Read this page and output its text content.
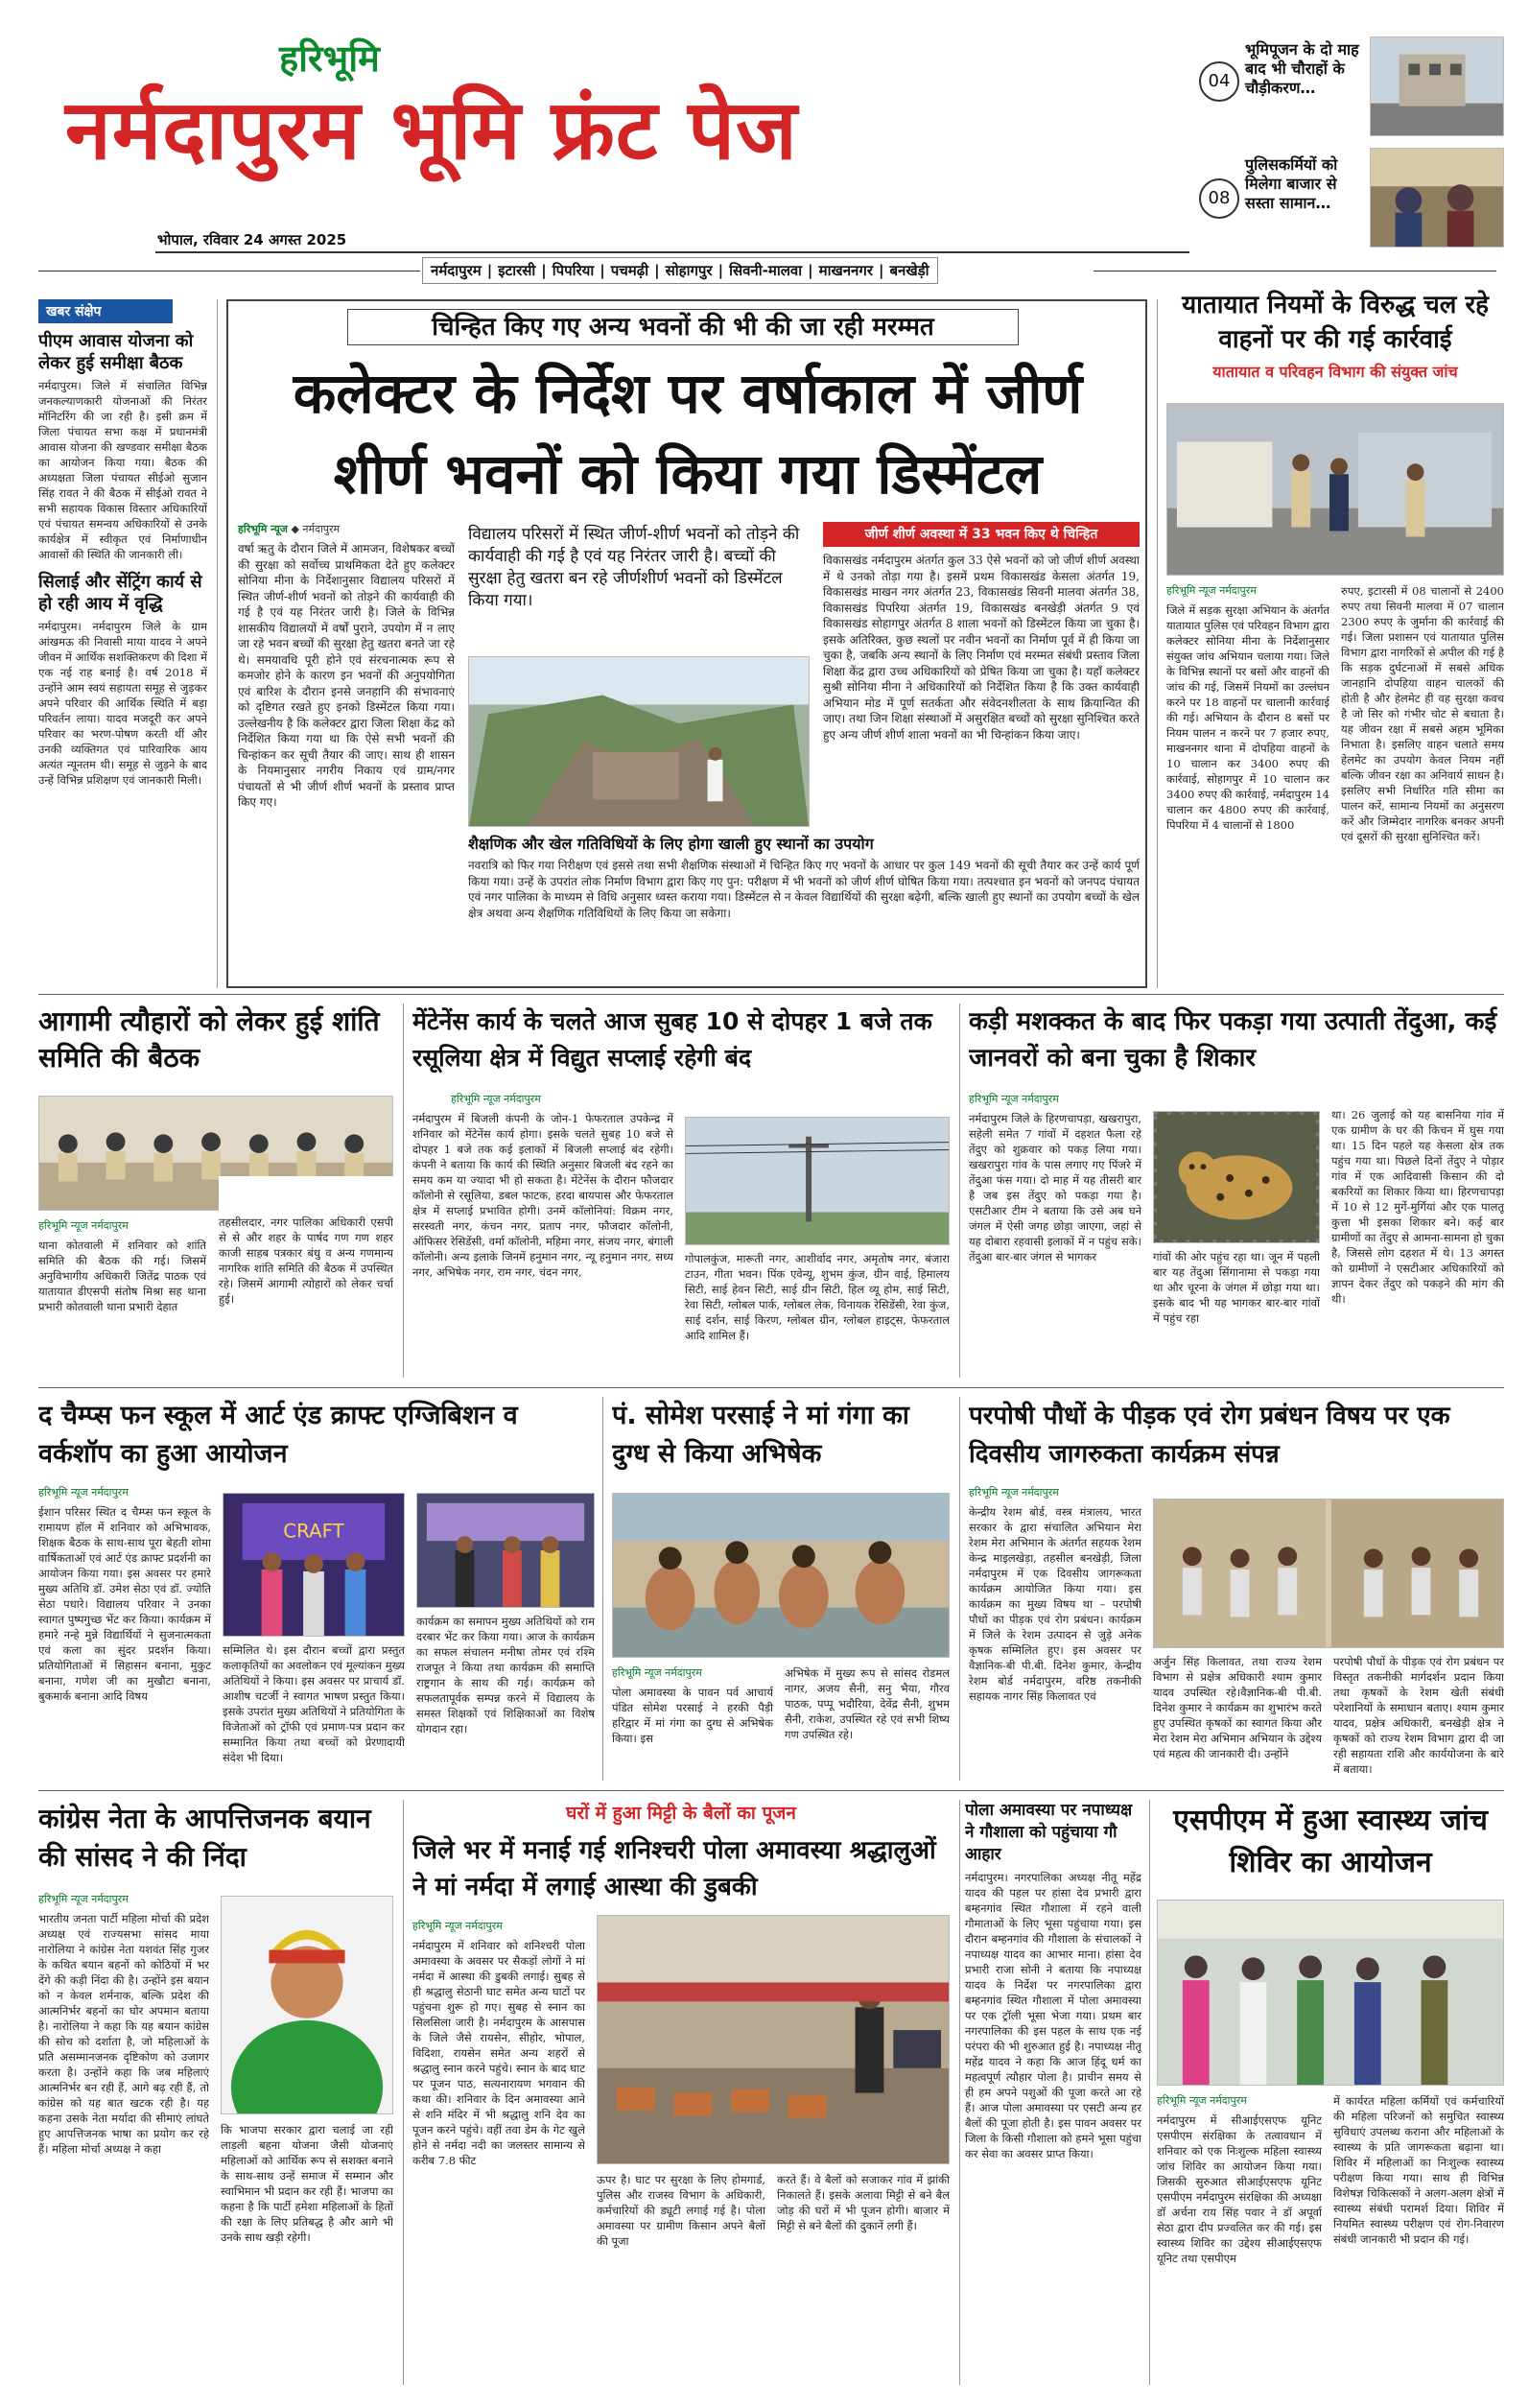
हरिभूमि
नर्मदापुरम भूमि फ्रंट पेज
भोपाल, रविवार 24 अगस्त 2025
04
भूमिपूजन के दो माह बाद भी चौराहों के चौड़ीकरण…
08
पुलिसकर्मियों को मिलेगा बाजार से सस्ता सामान…
नर्मदापुरम | इटारसी | पिपरिया | पचमढ़ी | सोहागपुर | सिवनी-मालवा | माखननगर | बनखेड़ी
खबर संक्षेप
पीएम आवास योजना को लेकर हुई समीक्षा बैठक
नर्मदापुरम। जिले में संचालित विभिन्न जनकल्याणकारी योजनाओं की निरंतर मॉनिटरिंग की जा रही है। इसी क्रम में जिला पंचायत सभा कक्ष में प्रधानमंत्री आवास योजना की खण्डवार समीक्षा बैठक का आयोजन किया गया। बैठक की अध्यक्षता जिला पंचायत सीईओ सुजान सिंह रावत ने की बैठक में सीईओ रावत ने सभी सहायक विकास विस्तार अधिकारियों एवं पंचायत समन्वय अधिकारियों से उनके कार्यक्षेत्र में स्वीकृत एवं निर्माणाधीन आवासों की स्थिति की जानकारी ली।
सिलाई और सेंट्रिंग कार्य से हो रही आय में वृद्धि
नर्मदापुरम। नर्मदापुरम जिले के ग्राम आंखमऊ की निवासी माया यादव ने अपने जीवन में आर्थिक सशक्तिकरण की दिशा में एक नई राह बनाई है। वर्ष 2018 में उन्होंने आम स्वयं सहायता समूह से जुड़कर अपने परिवार की आर्थिक स्थिति में बड़ा परिवर्तन लाया। यादव मजदूरी कर अपने परिवार का भरण-पोषण करती थीं और उनकी व्यक्तिगत एवं पारिवारिक आय अत्यंत न्यूनतम थी। समूह से जुड़ने के बाद उन्हें विभिन्न प्रशिक्षण एवं जानकारी मिली।
चिन्हित किए गए अन्य भवनों की भी की जा रही मरम्मत
कलेक्टर के निर्देश पर वर्षाकाल में जीर्ण शीर्ण भवनों को किया गया डिस्मेंटल
हरिभूमि न्यूज ◆ नर्मदापुरम
वर्षा ऋतु के दौरान जिले में आमजन, विशेषकर बच्चों की सुरक्षा को सर्वोच्च प्राथमिकता देते हुए कलेक्टर सोनिया मीना के निर्देशानुसार विद्यालय परिसरों में स्थित जीर्ण-शीर्ण भवनों को तोड़ने की कार्यवाही की गई है एवं यह निरंतर जारी है। जिले के विभिन्न शासकीय विद्यालयों में वर्षों पुराने, उपयोग में न लाए जा रहे भवन बच्चों की सुरक्षा हेतु खतरा बनते जा रहे थे। समयावधि पूरी होने एवं संरचनात्मक रूप से कमजोर होने के कारण इन भवनों की अनुपयोगिता एवं बारिश के दौरान इनसे जनहानि की संभावनाएं को दृष्टिगत रखते हुए इनको डिस्मेंटल किया गया। उल्लेखनीय है कि कलेक्टर द्वारा जिला शिक्षा केंद्र को निर्देशित किया गया था कि ऐसे सभी भवनों की चिन्हांकन कर सूची तैयार की जाए। साथ ही शासन के नियमानुसार नगरीय निकाय एवं ग्राम/नगर पंचायतों से भी जीर्ण शीर्ण भवनों के प्रस्ताव प्राप्त किए गए।
विद्यालय परिसरों में स्थित जीर्ण-शीर्ण भवनों को तोड़ने की कार्यवाही की गई है एवं यह निरंतर जारी है। बच्चों की सुरक्षा हेतु खतरा बन रहे जीर्णशीर्ण भवनों को डिस्मेंटल किया गया।
जीर्ण शीर्ण अवस्था में 33 भवन किए थे चिन्हित
विकासखंड नर्मदापुरम अंतर्गत कुल 33 ऐसे भवनों को जो जीर्ण शीर्ण अवस्था में थे उनको तोड़ा गया है। इसमें प्रथम विकासखंड केसला अंतर्गत 19, विकासखंड माखन नगर अंतर्गत 23, विकासखंड सिवनी मालवा अंतर्गत 38, विकासखंड पिपरिया अंतर्गत 19, विकासखंड बनखेड़ी अंतर्गत 9 एवं विकासखंड सोहागपुर अंतर्गत 8 शाला भवनों को डिस्मेंटल किया जा चुका है। इसके अतिरिक्त, कुछ स्थलों पर नवीन भवनों का निर्माण पूर्व में ही किया जा चुका है, जबकि अन्य स्थानों के लिए निर्माण एवं मरम्मत संबंधी प्रस्ताव जिला शिक्षा केंद्र द्वारा उच्च अधिकारियों को प्रेषित किया जा चुका है। यहाँ कलेक्टर सुश्री सोनिया मीना ने अधिकारियों को निर्देशित किया है कि उक्त कार्यवाही अभियान मोड में पूर्ण सतर्कता और संवेदनशीलता के साथ क्रियान्वित की जाए। तथा जिन शिक्षा संस्थाओं में असुरक्षित बच्चों को सुरक्षा सुनिश्चित करते हुए अन्य जीर्ण शीर्ण शाला भवनों का भी चिन्हांकन किया जाए।
शैक्षणिक और खेल गतिविधियों के लिए होगा खाली हुए स्थानों का उपयोग
नवरात्रि को फिर गया निरीक्षण एवं इससे तथा सभी शैक्षणिक संस्थाओं में चिन्हित किए गए भवनों के आधार पर कुल 149 भवनों की सूची तैयार कर उन्हें कार्य पूर्ण किया गया। उन्हें के उपरांत लोक निर्माण विभाग द्वारा किए गए पुन: परीक्षण में भी भवनों को जीर्ण शीर्ण घोषित किया गया। तत्पश्चात इन भवनों को जनपद पंचायत एवं नगर पालिका के माध्यम से विधि अनुसार ध्वस्त कराया गया। डिस्मेंटल से न केवल विद्यार्थियों की सुरक्षा बढ़ेगी, बल्कि खाली हुए स्थानों का उपयोग बच्चों के खेल क्षेत्र अथवा अन्य शैक्षणिक गतिविधियों के लिए किया जा सकेगा।
यातायात नियमों के विरुद्ध चल रहे वाहनों पर की गई कार्रवाई
यातायात व परिवहन विभाग की संयुक्त जांच
हरिभूमि न्यूज नर्मदापुरम
जिले में सड़क सुरक्षा अभियान के अंतर्गत यातायात पुलिस एवं परिवहन विभाग द्वारा कलेक्टर सोनिया मीना के निर्देशानुसार संयुक्त जांच अभियान चलाया गया। जिले के विभिन्न स्थानों पर बसों और वाहनों की जांच की गई, जिसमें नियमों का उल्लंघन करने पर 18 वाहनों पर चालानी कार्रवाई की गई। अभियान के दौरान 8 बसों पर नियम पालन न करने पर 7 हजार रुपए, माखननगर थाना में दोपहिया वाहनों के 10 चालान कर 3400 रुपए की कार्रवाई, सोहागपुर में 10 चालान कर 3400 रुपए की कार्रवाई, नर्मदापुरम 14 चालान कर 4800 रुपए की कार्रवाई, पिपरिया में 4 चालानों से 1800
रुपए, इटारसी में 08 चालानों से 2400 रुपए तथा सिवनी मालवा में 07 चालान 2300 रुपए के जुर्माना की कार्रवाई की गई। जिला प्रशासन एवं यातायात पुलिस विभाग द्वारा नागरिकों से अपील की गई है कि सड़क दुर्घटनाओं में सबसे अधिक जानहानि दोपहिया वाहन चालकों की होती है और हेलमेट ही वह सुरक्षा कवच है जो सिर को गंभीर चोट से बचाता है। यह जीवन रक्षा में सबसे अहम भूमिका निभाता है। इसलिए वाहन चलाते समय हेलमेट का उपयोग केवल नियम नहीं बल्कि जीवन रक्षा का अनिवार्य साधन है। इसलिए सभी निर्धारित गति सीमा का पालन करें, सामान्य नियमों का अनुसरण करें और जिम्मेदार नागरिक बनकर अपनी एवं दूसरों की सुरक्षा सुनिश्चित करें।
आगामी त्यौहारों को लेकर हुई शांति समिति की बैठक
हरिभूमि न्यूज नर्मदापुरम
थाना कोतवाली में शनिवार को शांति समिति की बैठक की गई। जिसमें अनुविभागीय अधिकारी जितेंद्र पाठक एवं यातायात डीएसपी संतोष मिश्रा सह थाना प्रभारी कोतवाली थाना प्रभारी देहात
तहसीलदार, नगर पालिका अधिकारी एसपी से से और शहर के पार्षद गण गण शहर काजी साहब पत्रकार बंधु व अन्य गणमान्य नागरिक शांति समिति की बैठक में उपस्थित रहे। जिसमें आगामी त्योहारों को लेकर चर्चा हुई।
मेंटेनेंस कार्य के चलते आज सुबह 10 से दोपहर 1 बजे तक रसूलिया क्षेत्र में विद्युत सप्लाई रहेगी बंद
हरिभूमि न्यूज नर्मदापुरम
नर्मदापुरम में बिजली कंपनी के जोन-1 फेफरताल उपकेन्द्र में शनिवार को मेंटेनेंस कार्य होगा। इसके चलते सुबह 10 बजे से दोपहर 1 बजे तक कई इलाकों में बिजली सप्लाई बंद रहेगी। कंपनी ने बताया कि कार्य की स्थिति अनुसार बिजली बंद रहने का समय कम या ज्यादा भी हो सकता है। मेंटेनेंस के दौरान फौजदार कॉलोनी से रसूलिया, डबल फाटक, हरदा बायपास और फेफरताल क्षेत्र में सप्लाई प्रभावित होगी। उनमें कॉलोनियां: विक्रम नगर, सरस्वती नगर, कंचन नगर, प्रताप नगर, फौजदार कॉलोनी, ऑफिसर रेसिडेंसी, वर्मा कॉलोनी, महिमा नगर, संजय नगर, बंगाली कॉलोनी। अन्य इलाके जिनमें हनुमान नगर, न्यू हनुमान नगर, सध्य नगर, अभिषेक नगर, राम नगर, चंदन नगर,
गोपालकुंज, मारूती नगर, आशीर्वाद नगर, अमृतोष नगर, बंजारा टाउन, गीता भवन। पिंक एवेन्यू, शुभम कुंज, ग्रीन वाई, हिमालय सिटी, साई हेवन सिटी, साई ग्रीन सिटी, हिल व्यू होम, साई सिटी, रेवा सिटी, ग्लोबल पार्क, ग्लोबल लेक, विनायक रेसिडेंसी, रेवा कुंज, साई दर्शन, साई किरण, ग्लोबल ग्रीन, ग्लोबल हाइट्स, फेफरताल आदि शामिल हैं।
कड़ी मशक्कत के बाद फिर पकड़ा गया उत्पाती तेंदुआ, कई जानवरों को बना चुका है शिकार
हरिभूमि न्यूज नर्मदापुरम
नर्मदापुरम जिले के हिरणचापड़ा, खखरापुरा, सहेली समेत 7 गांवों में दहशत फैला रहे तेंदुए को शुक्रवार को पकड़ लिया गया। खखरापुरा गांव के पास लगाए गए पिंजरे में तेंदुआ फंस गया। दो माह में यह तीसरी बार है जब इस तेंदुए को पकड़ा गया है। एसटीआर टीम ने बताया कि उसे अब घने जंगल में ऐसी जगह छोड़ा जाएगा, जहां से यह दोबारा रहवासी इलाकों में न पहुंच सके। तेंदुआ बार-बार जंगल से भागकर	गांवों की ओर पहुंच रहा था। जून में पहली बार यह तेंदुआ सिंगानामा से पकड़ा गया था और चूरना के जंगल में छोड़ा गया था। इसके बाद भी यह भागकर बार-बार गांवों में पहुंच रहा
था। 26 जुलाई को यह बासनिया गांव में एक ग्रामीण के घर की किचन में घुस गया था। 15 दिन पहले यह केसला क्षेत्र तक पहुंच गया था। पिछले दिनों तेंदुए ने पोड़ार गांव में एक आदिवासी किसान की दो बकरियों का शिकार किया था। हिरणचापड़ा में 10 से 12 मुर्गे-मुर्गियां और एक पालतू कुत्ता भी इसका शिकार बने। कई बार ग्रामीणों का तेंदुए से आमना-सामना हो चुका है, जिससे लोग दहशत में थे। 13 अगस्त को ग्रामीणों ने एसटीआर अधिकारियों को ज्ञापन देकर तेंदुए को पकड़ने की मांग की थी।
द चैम्प्स फन स्कूल में आर्ट एंड क्राफ्ट एग्जिबिशन व वर्कशॉप का हुआ आयोजन
हरिभूमि न्यूज नर्मदापुरम
ईशान परिसर स्थित द चैम्प्स फन स्कूल के रामायण हॉल में शनिवार को अभिभावक, शिक्षक बैठक के साथ-साथ पूरा बेहती शोमा वार्षिकताओं एवं आर्ट एंड क्राफ्ट प्रदर्शनी का आयोजन किया गया। इस अवसर पर हमारे मुख्य अतिथि डॉ. उमेश सेठा एवं डॉ. ज्योति सेठा पधारे। विद्यालय परिवार ने उनका स्वागत पुष्पगुच्छ भेंट कर किया। कार्यक्रम में हमारे नन्हे मुन्ने विद्यार्थियों ने सुजनात्मकता एवं कला का सुंदर प्रदर्शन किया। प्रतियोगिताओं में सिहासन बनाना, मुकुट बनाना, गणेश जी का मुखौटा बनाना, बुकमार्क बनाना आदि विषय
CRAFT
सम्मिलित थे। इस दौरान बच्चों द्वारा प्रस्तुत कलाकृतियों का अवलोकन एवं मूल्यांकन मुख्य अतिथियों ने किया। इस अवसर पर प्राचार्य डॉ. आशीष चटर्जी ने स्वागत भाषण प्रस्तुत किया। इसके उपरांत मुख्य अतिथियों ने प्रतियोगिता के विजेताओं को ट्रॉफी एवं प्रमाण-पत्र प्रदान कर सम्मानित किया तथा बच्चों को प्रेरणादायी संदेश भी दिया।
कार्यक्रम का समापन मुख्य अतिथियों को राम दरबार भेंट कर किया गया। आज के कार्यक्रम का सफल संचालन मनीषा तोमर एवं रश्मि राजपूत ने किया तथा कार्यक्रम की समाप्ति राष्ट्रगान के साथ की गई। कार्यक्रम को सफलतापूर्वक सम्पन्न करने में विद्यालय के समस्त शिक्षकों एवं शिक्षिकाओं का विशेष योगदान रहा।
पं. सोमेश परसाई ने मां गंगा का दुग्ध से किया अभिषेक
हरिभूमि न्यूज नर्मदापुरम
पोला अमावस्या के पावन पर्व आचार्य पंडित सोमेश परसाई ने हरकी पैड़ी हरिद्वार में मां गंगा का दुग्ध से अभिषेक किया। इस
अभिषेक में मुख्य रूप से सांसद रोडमल नागर, अजय सैनी, सनु भैया, गौरव पाठक, पप्पू भदौरिया, देवेंद्र सैनी, शुभम सैनी, राकेश, उपस्थित रहे एवं सभी शिष्य गण उपस्थित रहे।
परपोषी पौधों के पीड़क एवं रोग प्रबंधन विषय पर एक दिवसीय जागरुकता कार्यक्रम संपन्न
हरिभूमि न्यूज नर्मदापुरम
केन्द्रीय रेशम बोर्ड, वस्त्र मंत्रालय, भारत सरकार के द्वारा संचालित अभियान मेरा रेशम मेरा अभिमान के अंतर्गत सहयक रेशम केन्द्र माइलखेड़ा, तहसील बनखेड़ी, जिला नर्मदापुरम में एक दिवसीय जागरूकता कार्यक्रम आयोजित किया गया। इस कार्यक्रम का मुख्य विषय था – परपोषी पौधों का पीड़क एवं रोग प्रबंधन। कार्यक्रम में जिले के रेशम उत्पादन से जुड़े अनेक कृषक सम्मिलित हुए। इस अवसर पर वैज्ञानिक-बी पी.बी. दिनेश कुमार, केन्द्रीय रेशम बोर्ड नर्मदापुरम, वरिष्ठ तकनीकी सहायक नागर सिंह किलावत एवं
अर्जुन सिंह किलावत, तथा राज्य रेशम विभाग से प्रक्षेत्र अधिकारी श्याम कुमार यादव उपस्थित रहे।वैज्ञानिक-बी पी.बी. दिनेश कुमार ने कार्यक्रम का शुभारंभ करते हुए उपस्थित कृषकों का स्वागत किया और मेरा रेशम मेरा अभिमान अभियान के उद्देश्य एवं महत्व की जानकारी दी। उन्होंने
परपोषी पौधों के पीड़क एवं रोग प्रबंधन पर विस्तृत तकनीकी मार्गदर्शन प्रदान किया तथा कृषकों के रेशम खेती संबंधी परेशानियों के समाधान बताए। श्याम कुमार यादव, प्रक्षेत्र अधिकारी, बनखेड़ी क्षेत्र ने कृषकों को राज्य रेशम विभाग द्वारा दी जा रही सहायता राशि और कार्ययोजना के बारे में बताया।
कांग्रेस नेता के आपत्तिजनक बयान की सांसद ने की निंदा
हरिभूमि न्यूज नर्मदापुरम
भारतीय जनता पार्टी महिला मोर्चा की प्रदेश अध्यक्ष एवं राज्यसभा सांसद माया नारोलिया ने कांग्रेस नेता यशवंत सिंह गुजर के कथित बयान बहनों को कोठियों में भर देंगे की कड़ी निंदा की है। उन्होंने इस बयान को न केवल शर्मनाक, बल्कि प्रदेश की आत्मनिर्भर बहनों का घोर अपमान बताया है। नारोलिया ने कहा कि यह बयान कांग्रेस की सोच को दर्शाता है, जो महिलाओं के प्रति असम्मानजनक दृष्टिकोण को उजागर करता है। उन्होंने कहा कि जब महिलाएं आत्मनिर्भर बन रही हैं, आगे बढ़ रही हैं, तो कांग्रेस को यह बात खटक रही है। यह कहना उसके नेता मर्यादा की सीमाएं लांघते हुए आपत्तिजनक भाषा का प्रयोग कर रहे हैं। महिला मोर्चा अध्यक्ष ने कहा
कि भाजपा सरकार द्वारा चलाई जा रही लाड़ली बहना योजना जैसी योजनाएं महिलाओं को आर्थिक रूप से सशक्त बनाने के साथ-साथ उन्हें समाज में सम्मान और स्वाभिमान भी प्रदान कर रही हैं। भाजपा का कहना है कि पार्टी हमेशा महिलाओं के हितों की रक्षा के लिए प्रतिबद्ध है और आगे भी उनके साथ खड़ी रहेगी।
घरों में हुआ मिट्टी के बैलों का पूजन
जिले भर में मनाई गई शनिश्चरी पोला अमावस्या श्रद्धालुओं ने मां नर्मदा में लगाई आस्था की डुबकी
हरिभूमि न्यूज नर्मदापुरम
नर्मदापुरम में शनिवार को शनिश्चरी पोला अमावस्या के अवसर पर सैकड़ों लोगों ने मां नर्मदा में आस्था की डुबकी लगाई। सुबह से ही श्रद्धालु सेठानी घाट समेत अन्य घाटों पर पहुंचना शुरू हो गए। सुबह से स्नान का सिलसिला जारी है। नर्मदापुरम के आसपास के जिले जैसे रायसेन, सीहोर, भोपाल, विदिशा, रायसेन समेत अन्य शहरों से श्रद्धालु स्नान करने पहुंचे। स्नान के बाद घाट पर पूजन पाठ, सत्यनारायण भगवान की कथा की। शनिवार के दिन अमावस्या आने से शनि मंदिर में भी श्रद्धालु शनि देव का पूजन करने पहुंचे। वहीं तवा डेम के गेट खुले होने से नर्मदा नदी का जलस्तर सामान्य से करीब 7.8 फीट
ऊपर है। घाट पर सुरक्षा के लिए होमगार्ड, पुलिस और राजस्व विभाग के अधिकारी, कर्मचारियों की ड्यूटी लगाई गई है। पोला अमावस्या पर ग्रामीण किसान अपने बैलों की पूजा
करते हैं। वे बैलों को सजाकर गांव में झांकी निकालते हैं। इसके अलावा मिट्टी से बने बैल जोड़ की घरों में भी पूजन होगी। बाजार में मिट्टी से बने बैलों की दुकानें लगी हैं।
पोला अमावस्या पर नपाध्यक्ष ने गौशाला को पहुंचाया गौ आहार
नर्मदापुरम। नगरपालिका अध्यक्ष नीतू महेंद्र यादव की पहल पर हांसा देव प्रभारी द्वारा बम्हनगांव स्थित गौशाला में रहने वाली गौमाताओं के लिए भूसा पहुंचाया गया। इस दौरान बम्हनगांव की गौशाला के संचालकों ने नपाध्यक्ष यादव का आभार माना। हांसा देव प्रभारी राजा सोनी ने बताया कि नपाध्यक्ष यादव के निर्देश पर नगरपालिका द्वारा बम्हनगांव स्थित गौशाला में पोला अमावस्या पर एक ट्रॉली भूसा भेजा गया। प्रथम बार नगरपालिका की इस पहल के साथ एक नई परंपरा की भी शुरुआत हुई है। नपाध्यक्ष नीतू महेंद्र यादव ने कहा कि आज हिंदू धर्म का महत्वपूर्ण त्यौहार पोला है। प्राचीन समय से ही हम अपने पशुओं की पूजा करते आ रहे हैं। आज पोला अमावस्या पर एसटी अन्य हर बैलों की पूजा होती है। इस पावन अवसर पर जिला के किसी गौशाला को हमने भूसा पहुंचा कर सेवा का अवसर प्राप्त किया।
एसपीएम में हुआ स्वास्थ्य जांच शिविर का आयोजन
हरिभूमि न्यूज नर्मदापुरम
नर्मदापुरम में सीआईएसएफ यूनिट एसपीएम संरक्षिका के तत्वावधान में शनिवार को एक निःशुल्क महिला स्वास्थ्य जांच शिविर का आयोजन किया गया। जिसकी सुरुआत सीआईएसएफ यूनिट एसपीएम नर्मदापुरम संरक्षिका की अध्यक्षा डॉ अर्चना राय सिंह पवार ने डॉ अपूर्वा सेठा द्वारा दीप प्रज्वलित कर की गई। इस स्वास्थ्य शिविर का उद्देश्य सीआईएसएफ यूनिट तथा एसपीएम
में कार्यरत महिला कर्मियों एवं कर्मचारियों की महिला परिजनों को समुचित स्वास्थ्य सुविधाएं उपलब्ध कराना और महिलाओं के स्वास्थ्य के प्रति जागरूकता बढ़ाना था। शिविर में महिलाओं का निःशुल्क स्वास्थ्य परीक्षण किया गया। साथ ही विभिन्न विशेषज्ञ चिकित्सकों ने अलग-अलग क्षेत्रों में स्वास्थ्य संबंधी परामर्श दिया। शिविर में नियमित स्वास्थ्य परीक्षण एवं रोग-निवारण संबंधी जानकारी भी प्रदान की गई।
